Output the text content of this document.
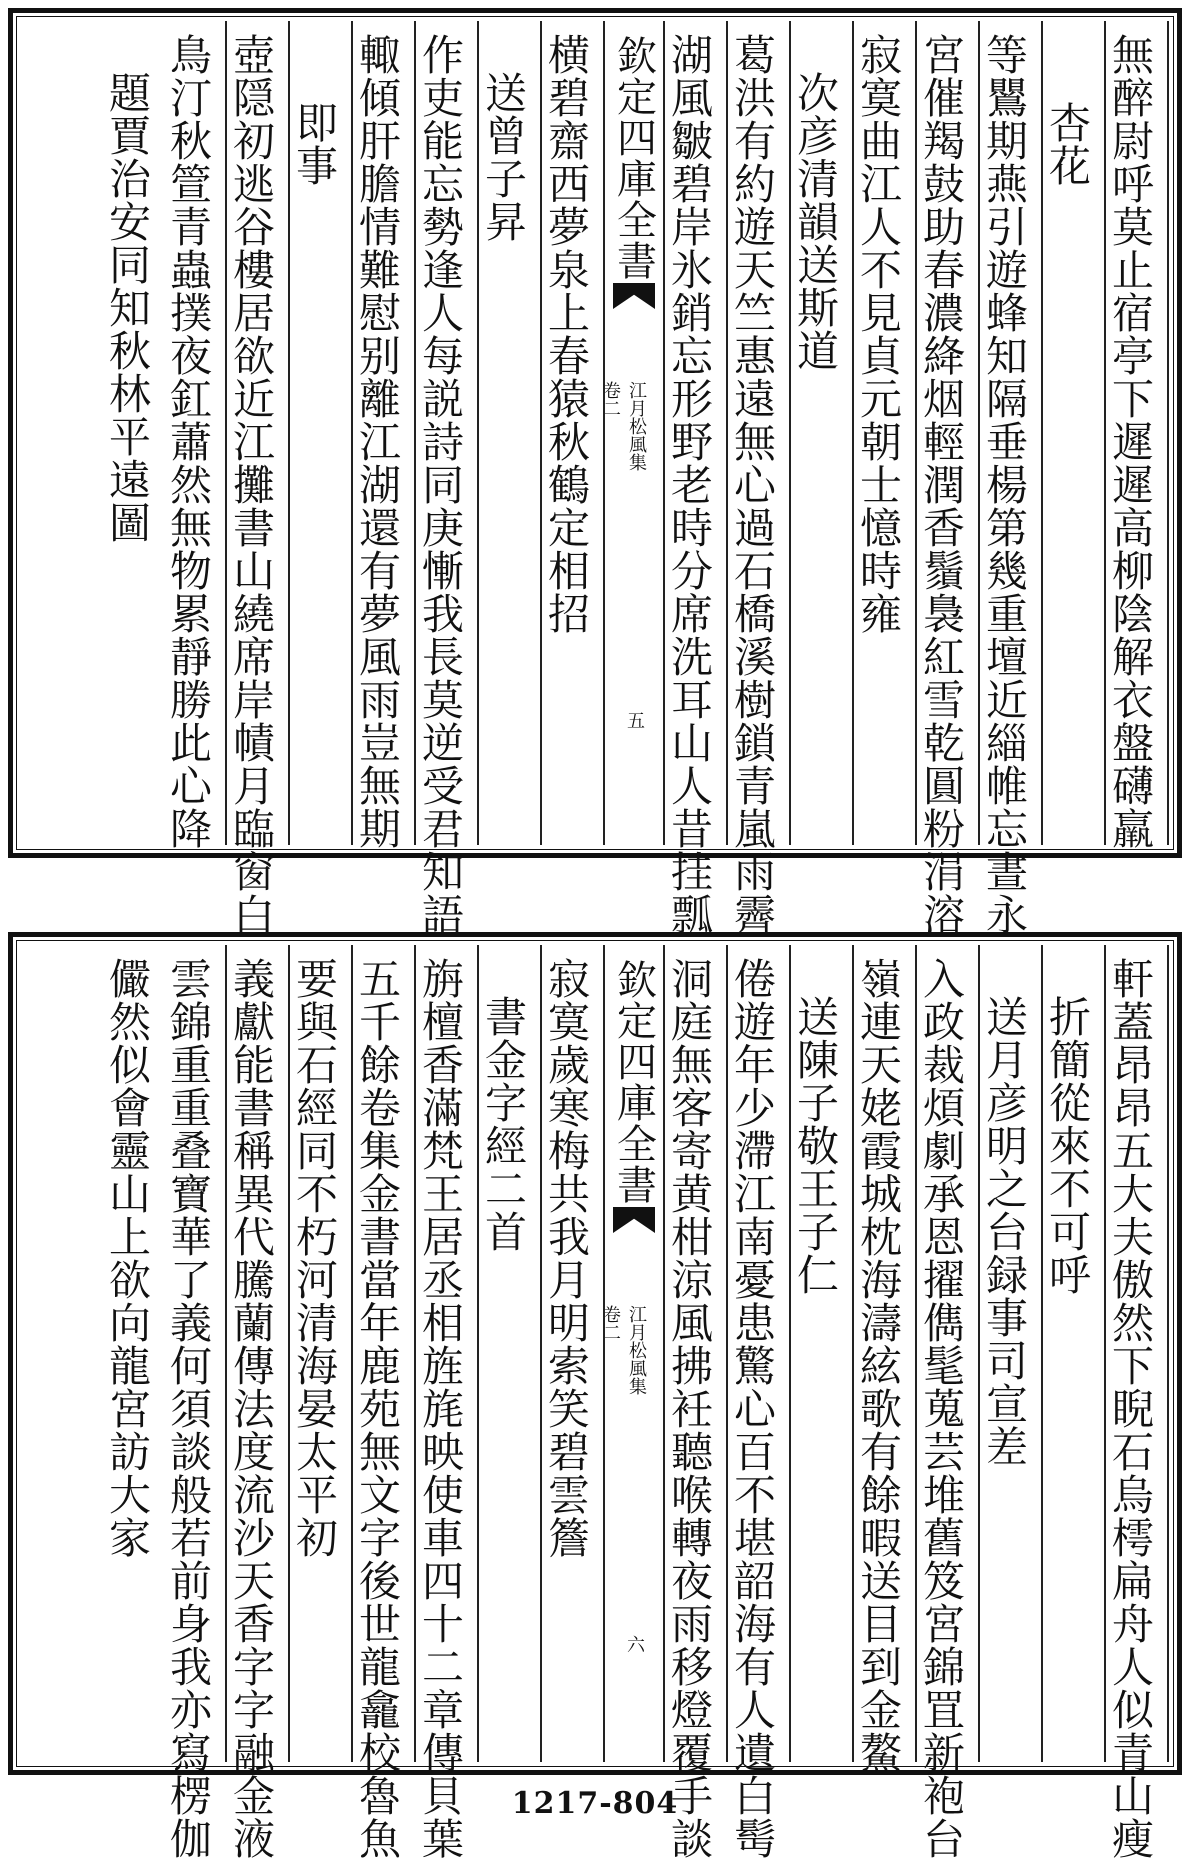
無醉尉呼莫止宿亭下遲遲高柳陰解衣盤礴羸
杏花
等鸎期燕引遊蜂知隔垂楊第幾重壇近緇帷忘晝永
宮催羯鼓助春濃絳烟輕潤香鬚裊紅雪乾圓粉涓溶
寂寞曲江人不見貞元朝士憶時雍
次彦清韻送斯道
葛洪有約遊天竺惠遠無心過石橋溪樹鎖青嵐雨霽
湖風皺碧岸氷銷忘形野老時分席洗耳山人昔挂瓢
欽定四庫全書
江月松風集
卷二
五
横碧齋西夢泉上春猿秋鶴定相招
送曾子昇
作吏能忘勢逢人每説詩同庚慚我長莫逆受君知語
輙傾肝膽情難慰别離江湖還有夢風雨豈無期
即事
壺隠初逃谷樓居欲近江攤書山繞席岸幘月臨窗白
鳥汀秋箮青蟲撲夜釭蕭然無物累靜勝此心降
題賈治安同知秋林平遠圖
軒蓋昂昂五大夫傲然下睨石烏樗扁舟人似青山瘦
折簡從來不可呼
送月彦明之台録事司宣差
入政裁煩劇承恩擢儁髦蒐芸堆舊笈宮錦罝新袍台
嶺連天姥霞城枕海濤絃歌有餘暇送目到金鰲
送陳子敬王子仁
倦遊年少滯江南憂患驚心百不堪韶海有人遺白髩
洞庭無客寄黄柑涼風拂衽聽喉轉夜雨移燈覆手談
欽定四庫全書
江月松風集
卷二
六
寂寞歲寒梅共我月明索笑碧雲簷
書金字經二首
旃檀香滿梵王居丞相旌旄映使車四十二章傳貝葉
五千餘卷集金書當年鹿苑無文字後世龍龕校魯魚
要與石經同不朽河清海晏太平初
義獻能書稱異代騰蘭傳法度流沙天香字字融金液
雲錦重重叠寶華了義何須談般若前身我亦寫楞伽
儼然似會靈山上欲向龍宮訪大家
1217-804
